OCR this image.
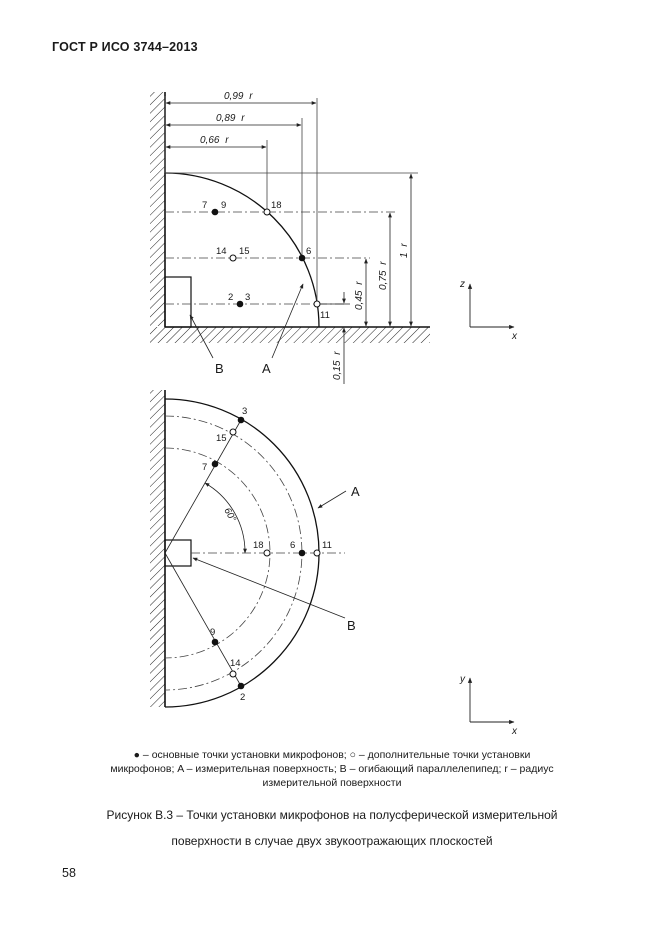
ГОСТ Р ИСО 3744–2013
0,99 r
0,89 r
0,66 r
1 r
0,75 r
0,45 r
0,15 r
7 9	18
14 15	6
2 3
11
A
B
z
x
60°
3
15
7
18	6	11
9
14
2
A
B
y
x
● – основные точки установки микрофонов; ○ – дополнительные точки установки
микрофонов; A – измерительная поверхность; B – огибающий параллелепипед; r – радиус
измерительной поверхности
Рисунок B.3 – Точки установки микрофонов на полусферической измерительной
поверхности в случае двух звукоотражающих плоскостей
58
